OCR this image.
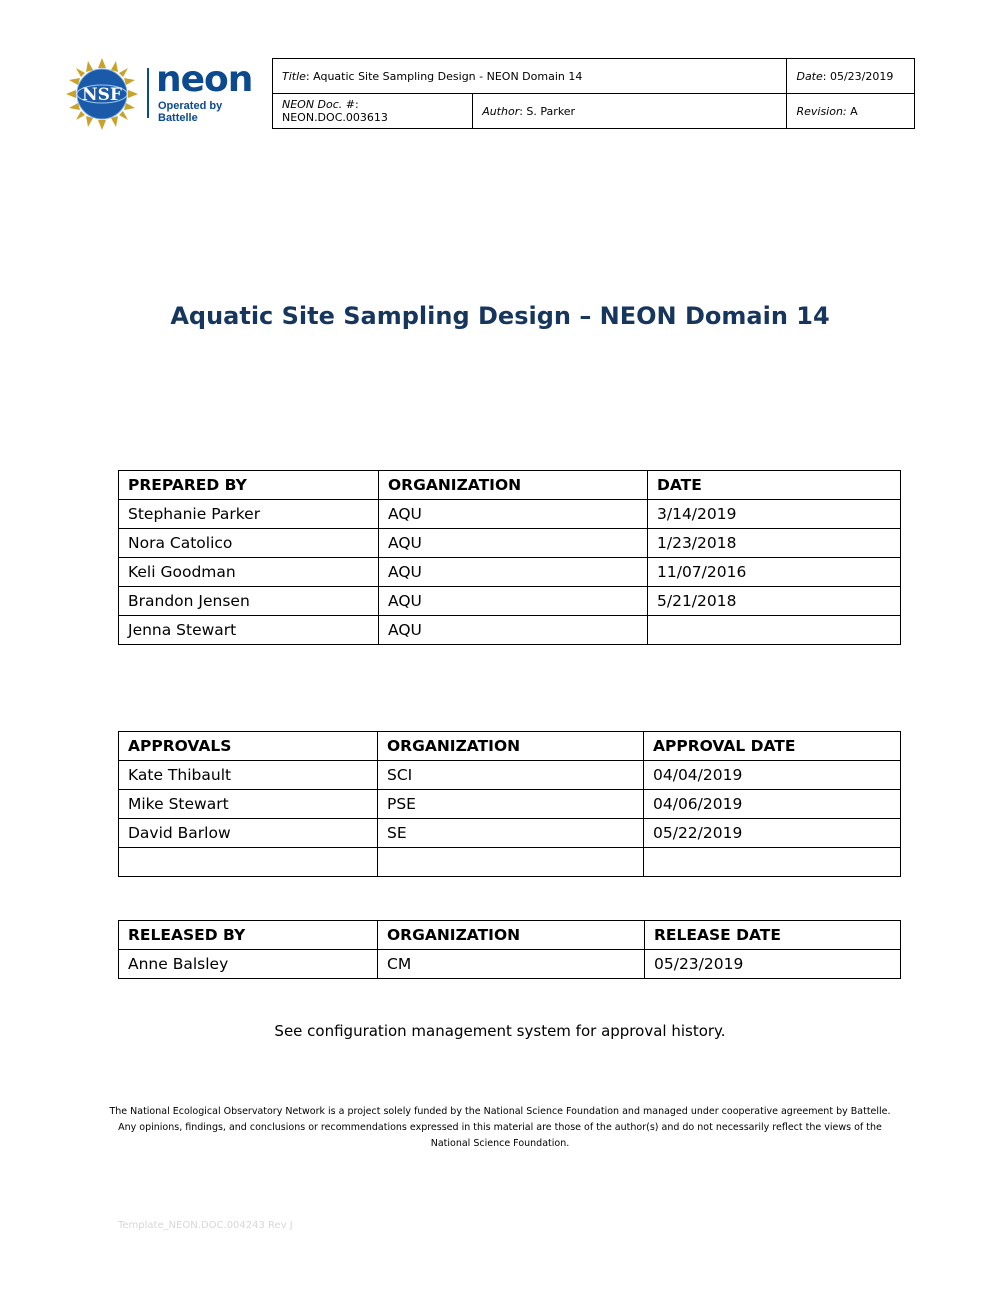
NSF neon
Operated by Battelle
Title: Aquatic Site Sampling Design - NEON Domain 14		Date: 05/23/2019
NEON Doc. #: NEON.DOC.003613	Author: S. Parker	Revision: A
Aquatic Site Sampling Design – NEON Domain 14
PREPARED BY	ORGANIZATION	DATE
Stephanie Parker	AQU	3/14/2019
Nora Catolico	AQU	1/23/2018
Keli Goodman	AQU	11/07/2016
Brandon Jensen	AQU	5/21/2018
Jenna Stewart	AQU	
APPROVALS	ORGANIZATION	APPROVAL DATE
Kate Thibault	SCI	04/04/2019
Mike Stewart	PSE	04/06/2019
David Barlow	SE	05/22/2019

RELEASED BY	ORGANIZATION	RELEASE DATE
Anne Balsley	CM	05/23/2019
See configuration management system for approval history.
The National Ecological Observatory Network is a project solely funded by the National Science Foundation and managed under cooperative agreement by Battelle.
Any opinions, findings, and conclusions or recommendations expressed in this material are those of the author(s) and do not necessarily reflect the views of the
National Science Foundation.
Template_NEON.DOC.004243 Rev J
